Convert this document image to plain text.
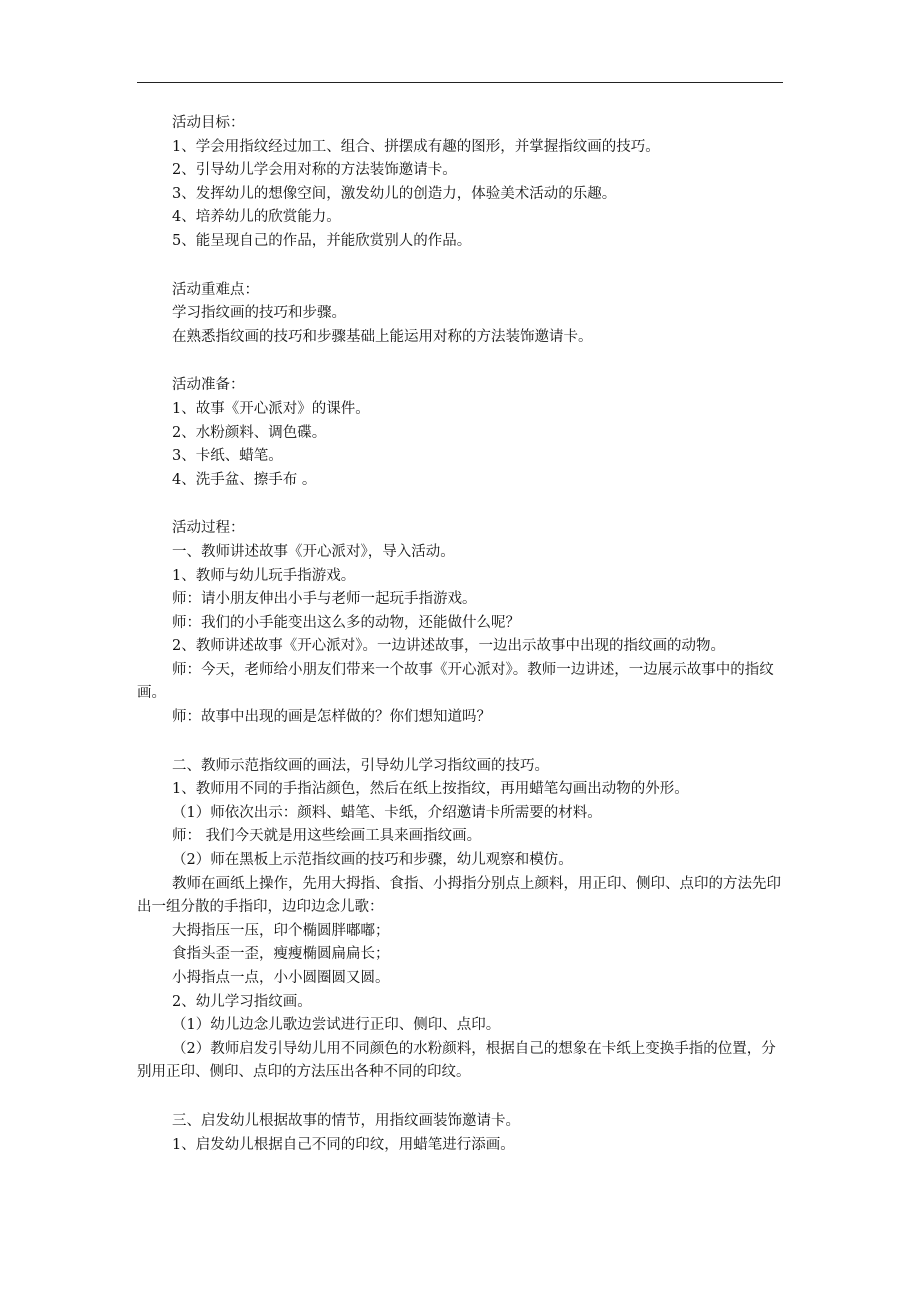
活动目标：
1、学会用指纹经过加工、组合、拼摆成有趣的图形，并掌握指纹画的技巧。
2、引导幼儿学会用对称的方法装饰邀请卡。
3、发挥幼儿的想像空间，激发幼儿的创造力，体验美术活动的乐趣。
4、培养幼儿的欣赏能力。
5、能呈现自己的作品，并能欣赏别人的作品。
活动重难点：
学习指纹画的技巧和步骤。
在熟悉指纹画的技巧和步骤基础上能运用对称的方法装饰邀请卡。
活动准备：
1、故事《开心派对》的课件。
2、水粉颜料、调色碟。
3、卡纸、蜡笔。
4、洗手盆、擦手布 。
活动过程：
一、教师讲述故事《开心派对》，导入活动。
1、教师与幼儿玩手指游戏。
师：请小朋友伸出小手与老师一起玩手指游戏。
师：我们的小手能变出这么多的动物，还能做什么呢？
2、教师讲述故事《开心派对》。一边讲述故事，一边出示故事中出现的指纹画的动物。
师：今天，老师给小朋友们带来一个故事《开心派对》。教师一边讲述，一边展示故事中的指纹画。
师：故事中出现的画是怎样做的？你们想知道吗？
二、教师示范指纹画的画法，引导幼儿学习指纹画的技巧。
1、教师用不同的手指沾颜色，然后在纸上按指纹，再用蜡笔勾画出动物的外形。
（1）师依次出示：颜料、蜡笔、卡纸，介绍邀请卡所需要的材料。
师： 我们今天就是用这些绘画工具来画指纹画。
（2）师在黑板上示范指纹画的技巧和步骤，幼儿观察和模仿。
教师在画纸上操作，先用大拇指、食指、小拇指分别点上颜料，用正印、侧印、点印的方法先印出一组分散的手指印，边印边念儿歌：
大拇指压一压，印个椭圆胖嘟嘟；
食指头歪一歪，瘦瘦椭圆扁扁长；
小拇指点一点，小小圆圈圆又圆。
2、幼儿学习指纹画。
（1）幼儿边念儿歌边尝试进行正印、侧印、点印。
（2）教师启发引导幼儿用不同颜色的水粉颜料，根据自己的想象在卡纸上变换手指的位置，分别用正印、侧印、点印的方法压出各种不同的印纹。
三、启发幼儿根据故事的情节，用指纹画装饰邀请卡。
1、启发幼儿根据自己不同的印纹，用蜡笔进行添画。
